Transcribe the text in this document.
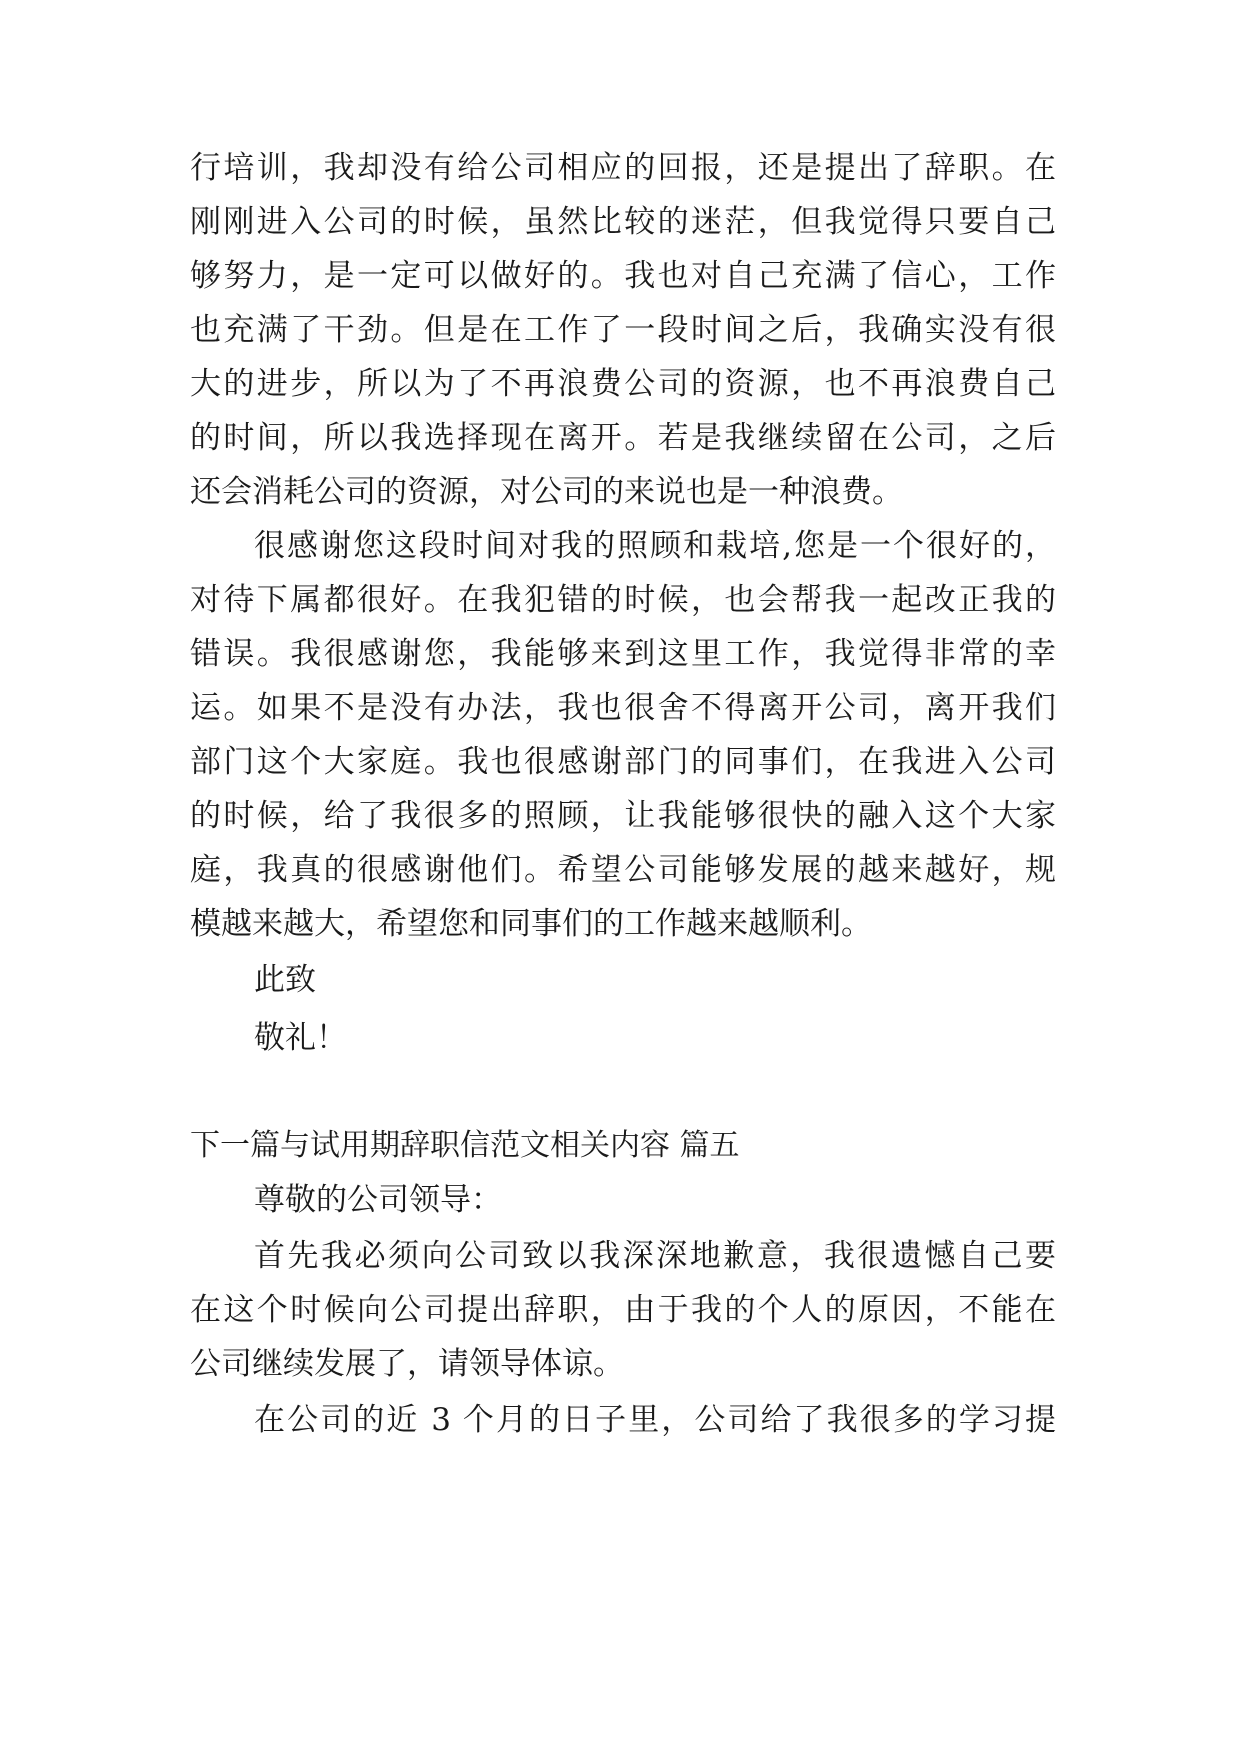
行培训，我却没有给公司相应的回报，还是提出了辞职。在
刚刚进入公司的时候，虽然比较的迷茫，但我觉得只要自己
够努力，是一定可以做好的。我也对自己充满了信心，工作
也充满了干劲。但是在工作了一段时间之后，我确实没有很
大的进步，所以为了不再浪费公司的资源，也不再浪费自己
的时间，所以我选择现在离开。若是我继续留在公司，之后
还会消耗公司的资源，对公司的来说也是一种浪费。
很感谢您这段时间对我的照顾和栽培,您是一个很好的，
对待下属都很好。在我犯错的时候，也会帮我一起改正我的
错误。我很感谢您，我能够来到这里工作，我觉得非常的幸
运。如果不是没有办法，我也很舍不得离开公司，离开我们
部门这个大家庭。我也很感谢部门的同事们，在我进入公司
的时候，给了我很多的照顾，让我能够很快的融入这个大家
庭，我真的很感谢他们。希望公司能够发展的越来越好，规
模越来越大，希望您和同事们的工作越来越顺利。
此致
敬礼！
下一篇与试用期辞职信范文相关内容 篇五
尊敬的公司领导：
首先我必须向公司致以我深深地歉意，我很遗憾自己要
在这个时候向公司提出辞职，由于我的个人的原因，不能在
公司继续发展了，请领导体谅。
在公司的近 3 个月的日子里，公司给了我很多的学习提
